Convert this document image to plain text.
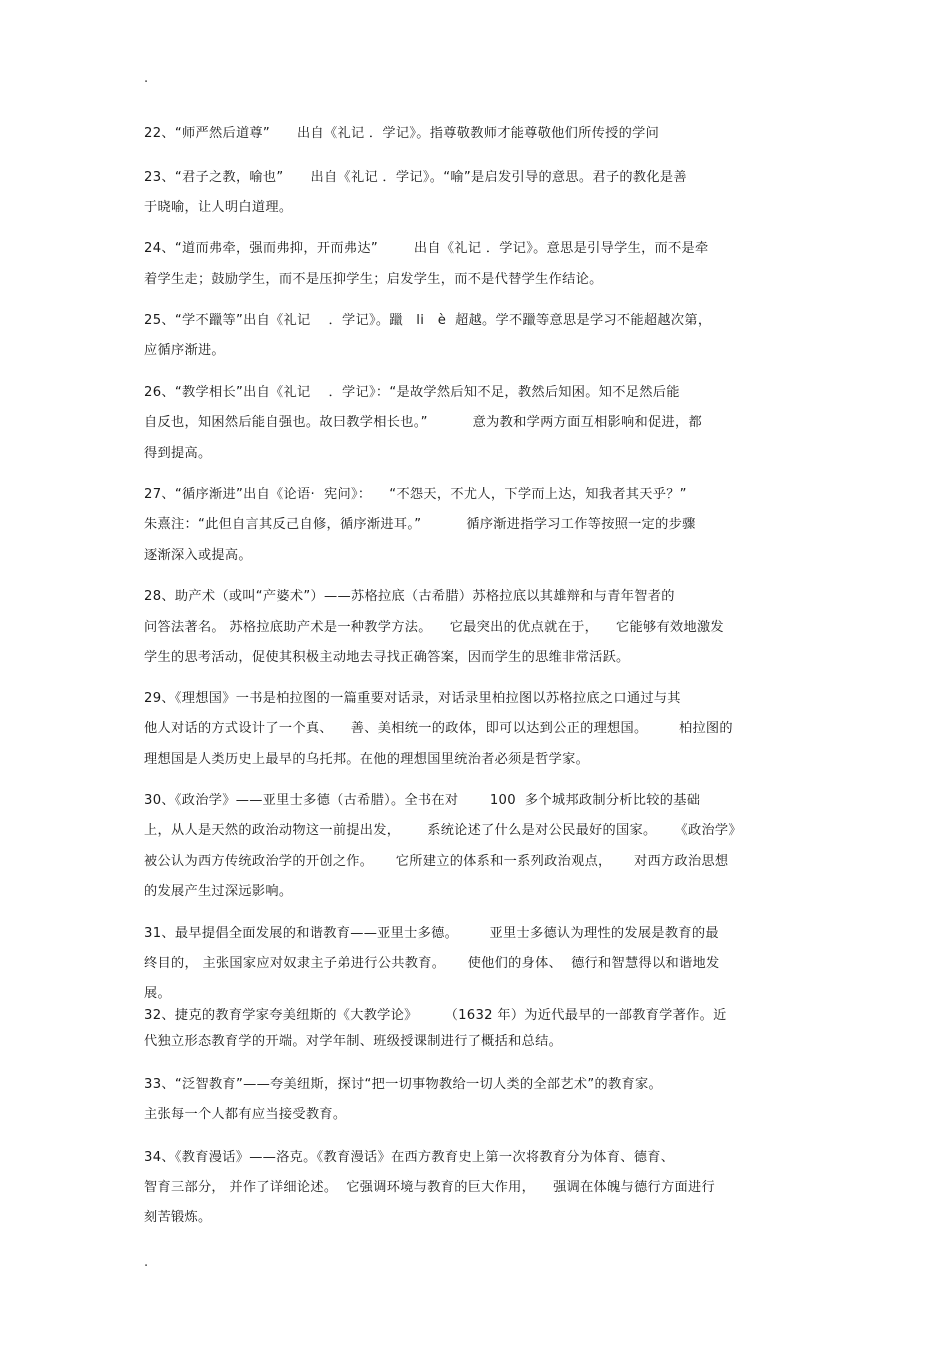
.
22、“师严然后道尊”      出自《礼记 ．学记》。指尊敬教师才能尊敬他们所传授的学问
23、“君子之教，喻也”      出自《礼记 ．学记》。“喻”是启发引导的意思。君子的教化是善
于晓喻，让人明白道理。
24、“道而弗牵，强而弗抑，开而弗达”        出自《礼记 ．学记》。意思是引导学生，而不是牵
着学生走；鼓励学生，而不是压抑学生；启发学生，而不是代替学生作结论。
25、“学不躐等”出自《礼记    ．学记》。躐   li   è  超越。学不躐等意思是学习不能超越次第，
应循序渐进。
26、“教学相长”出自《礼记    ．学记》：“是故学然后知不足，教然后知困。知不足然后能
自反也，知困然后能自强也。故曰教学相长也。”          意为教和学两方面互相影响和促进，都
得到提高。
27、“循序渐进”出自《论语·  宪问》：    “不怨天，不尤人，下学而上达，知我者其天乎？”
朱熹注：“此但自言其反己自修，循序渐进耳。”          循序渐进指学习工作等按照一定的步骤
逐渐深入或提高。
28、助产术（或叫“产婆术”）——苏格拉底（古希腊）苏格拉底以其雄辩和与青年智者的
问答法著名。 苏格拉底助产术是一种教学方法。    它最突出的优点就在于，    它能够有效地激发
学生的思考活动，促使其积极主动地去寻找正确答案，因而学生的思维非常活跃。
29、《理想国》一书是柏拉图的一篇重要对话录，对话录里柏拉图以苏格拉底之口通过与其
他人对话的方式设计了一个真、    善、美相统一的政体，即可以达到公正的理想国。       柏拉图的
理想国是人类历史上最早的乌托邦。在他的理想国里统治者必须是哲学家。
30、《政治学》——亚里士多德（古希腊）。全书在对       100  多个城邦政制分析比较的基础
上，从人是天然的政治动物这一前提出发，      系统论述了什么是对公民最好的国家。    《政治学》
被公认为西方传统政治学的开创之作。     它所建立的体系和一系列政治观点，     对西方政治思想
的发展产生过深远影响。
31、最早提倡全面发展的和谐教育——亚里士多德。       亚里士多德认为理性的发展是教育的最
终目的， 主张国家应对奴隶主子弟进行公共教育。     使他们的身体、  德行和智慧得以和谐地发
展。
32、捷克的教育学家夸美纽斯的《大教学论》      （1632 年）为近代最早的一部教育学著作。近
代独立形态教育学的开端。对学年制、班级授课制进行了概括和总结。
33、“泛智教育”——夸美纽斯，探讨“把一切事物教给一切人类的全部艺术”的教育家。
主张每一个人都有应当接受教育。
34、《教育漫话》——洛克。《教育漫话》在西方教育史上第一次将教育分为体育、德育、
智育三部分， 并作了详细论述。  它强调环境与教育的巨大作用，    强调在体魄与德行方面进行
刻苦锻炼。
.
